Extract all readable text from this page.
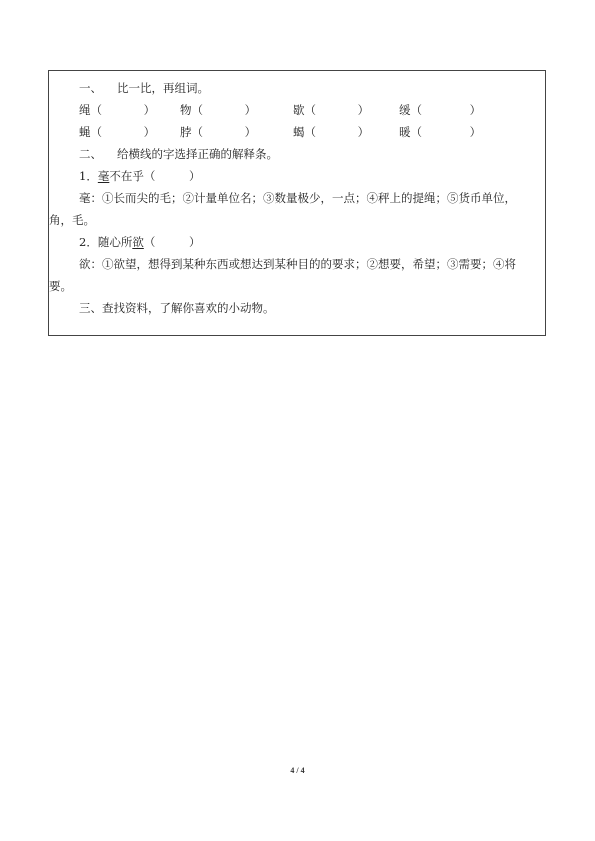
一、 比一比，再组词。
绳（ ） 物（ ）	歇（ ）	缓（ ）
蝇（ ） 脖（ ）	蝎（ ）	暖（ ）
二、 给横线的字选择正确的解释条。
1．毫不在乎（ ）
毫：①长而尖的毛；②计量单位名；③数量极少，一点；④秤上的提绳；⑤货币单位，角，毛。
2．随心所欲（ ）
欲：①欲望，想得到某种东西或想达到某种目的的要求；②想要，希望；③需要；④将要。
三、查找资料，了解你喜欢的小动物。
4 / 4
